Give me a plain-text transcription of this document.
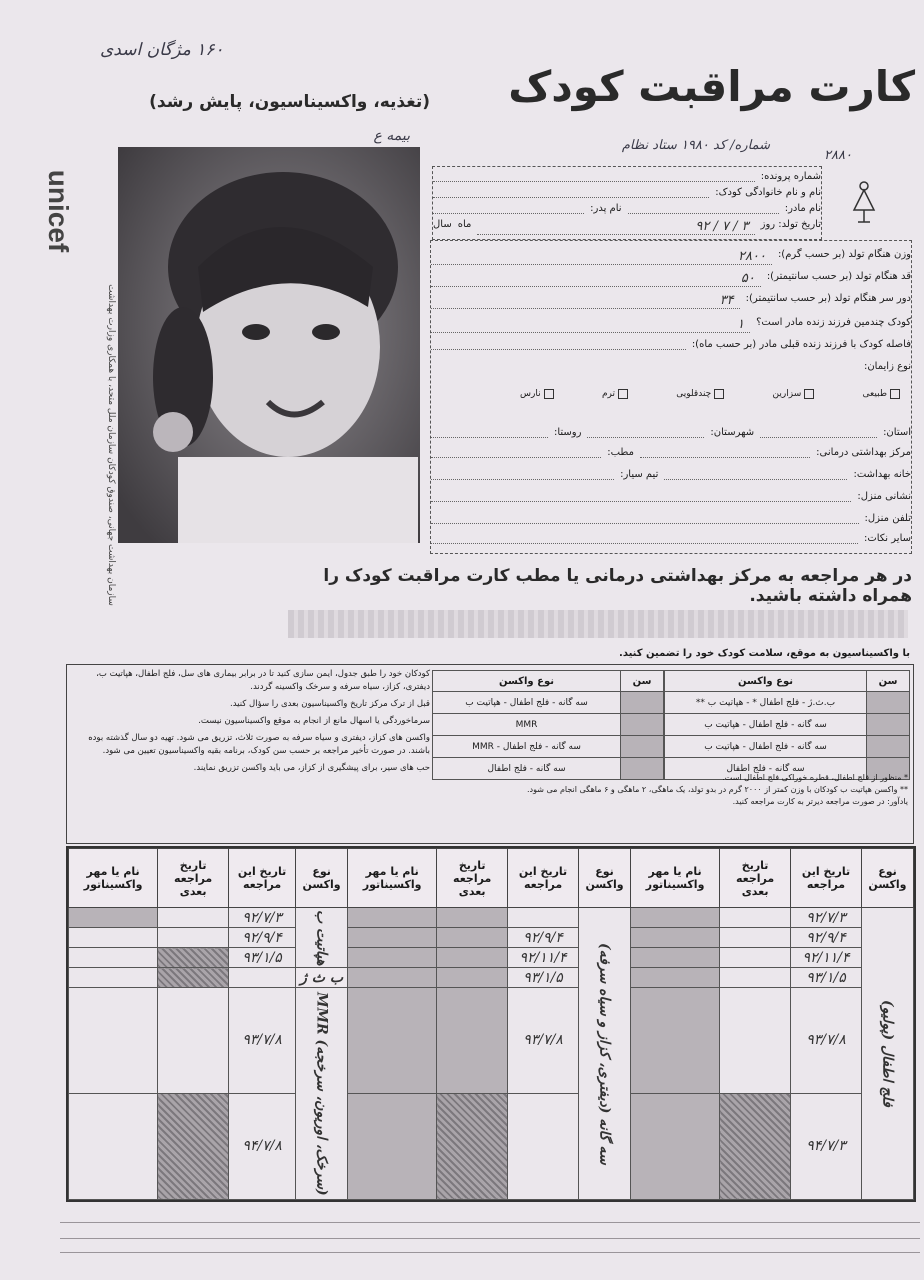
کارت مراقبت کودک
(تغذیه، واکسیناسیون، پایش رشد)
۱۶۰ مژگان اسدی
بیمه ع
شماره/ کد ۱۹۸۰ ستاد نظام
۲۸۸۰
unicef
سازمان بهداشت جهانی، صندوق کودکان سازمان ملل متحد، با همکاری وزارت بهداشت
شماره پرونده:
نام و نام خانوادگی کودک:
نام مادر:
نام پدر:
تاریخ تولد: روز
۳ / ۷ / ۹۲
ماه
سال
وزن هنگام تولد (بر حسب گرم):
۲۸۰۰
قد هنگام تولد (بر حسب سانتیمتر):
۵۰
دور سر هنگام تولد (بر حسب سانتیمتر):
۳۴
کودک چندمین فرزند زنده مادر است؟
۱
فاصله کودک با فرزند زنده قبلی مادر (بر حسب ماه):
نوع زایمان:
استان:
شهرستان:
روستا:
مرکز بهداشتی درمانی:
مطب:
خانه بهداشت:
تیم سیار:
نشانی منزل:
تلفن منزل:
سایر نکات:
طبیعی
سزارین
چندقلویی
ترم
نارس
در هر مراجعه به مرکز بهداشتی درمانی یا مطب کارت مراقبت کودک را همراه داشته باشید.
با واکسیناسیون به موقع، سلامت کودک خود را تضمین کنید.

کودکان خود را طبق جدول، ایمن سازی کنید تا در برابر بیماری های سل، فلج اطفال، هپاتیت ب، دیفتری، کزاز، سیاه سرفه و سرخک واکسینه گردند.

قبل از ترک مرکز تاریخ واکسیناسیون بعدی را سؤال کنید.

سرماخوردگی یا اسهال مانع از انجام به موقع واکسیناسیون نیست.

واکسن های کزاز، دیفتری و سیاه سرفه به صورت ثلاث، تزریق می شود. تهیه دو سال گذشته بوده باشند. در صورت تأخیر مراجعه بر حسب سن کودک، برنامه بقیه واکسیناسیون تعیین می شود.

حب های سیر، برای پیشگیری از کزاز، می باید واکسن تزریق نمایند.

نوع واکسن	سن
سه گانه - فلج اطفال - هپاتیت ب	
MMR	
سه گانه - فلج اطفال - MMR	
سه گانه - فلج اطفال	
نوع واکسن	سن
ب.ث.ژ - فلج اطفال * - هپاتیت ب **	
سه گانه - فلج اطفال - هپاتیت ب	
سه گانه - فلج اطفال - هپاتیت ب	
سه گانه - فلج اطفال	
* منظور از فلج اطفال، قطره خوراکی فلج اطفال است.
** واکسن هپاتیت ب کودکان با وزن کمتر از ۲۰۰۰ گرم در بدو تولد، یک ماهگی، ۲ ماهگی و ۶ ماهگی انجام می شود.
یادآور: در صورت مراجعه دیرتر به کارت مراجعه کنید.
نام یا مهر واکسیناتور	تاریخ مراجعه بعدی	تاریخ این مراجعه	نوع واکسن	نام یا مهر واکسیناتور	تاریخ مراجعه بعدی	تاریخ این مراجعه	نوع واکسن	نام یا مهر واکسیناتور	تاریخ مراجعه بعدی	تاریخ این مراجعه	نوع واکسن
		۹۲/۷/۳	هپاتیت ب				سه گانه (دیفتری، کزاز و سیاه سرفه)			۹۲/۷/۳	فلج اطفال (پولیو)
		۹۲/۹/۴				۹۲/۹/۴				۹۲/۹/۴	
		۹۳/۱/۵				۹۲/۱۱/۴				۹۲/۱۱/۴	
			ب ث ژ			۹۳/۱/۵				۹۳/۱/۵	
		۹۳/۷/۸	MMR (سرخک، اوریون، سرخجه)			۹۳/۷/۸				۹۳/۷/۸	
		۹۴/۷/۸								۹۴/۷/۳	
